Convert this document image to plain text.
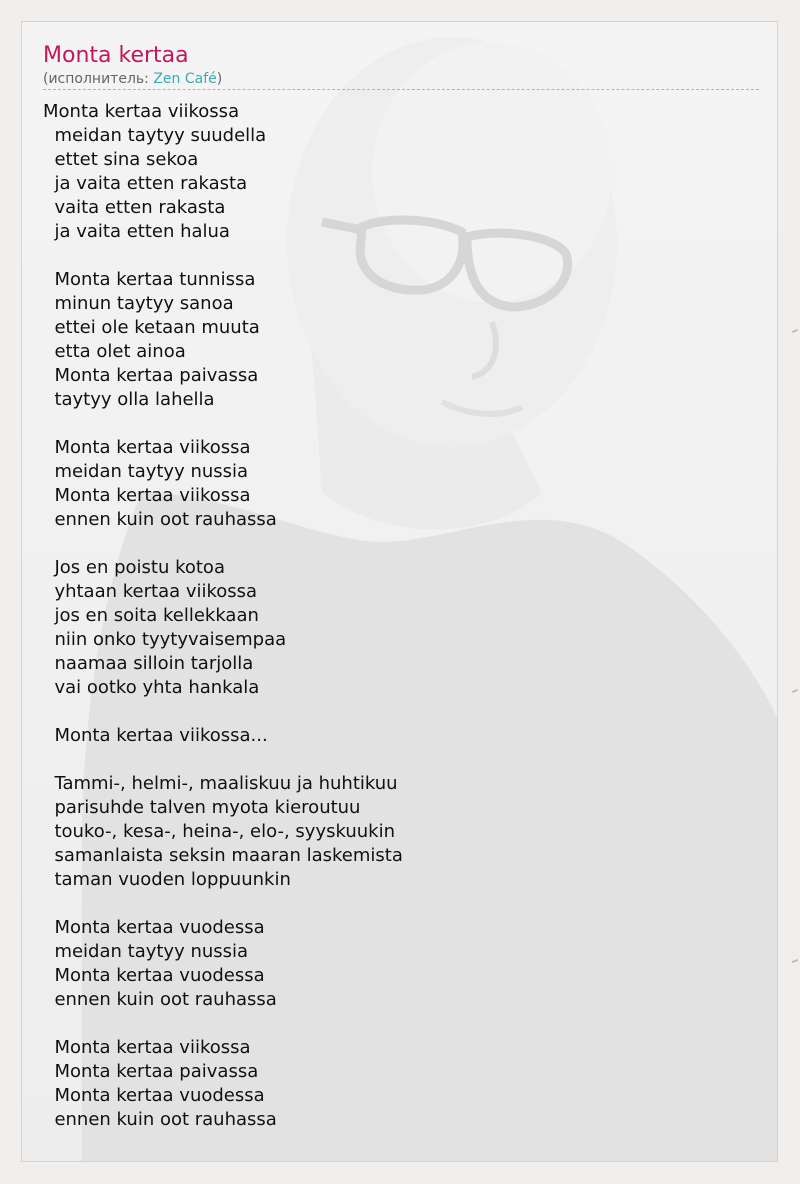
Monta kertaa
(исполнитель: Zen Café)
Monta kertaa viikossa
meidan taytyy suudella
ettet sina sekoa
ja vaita etten rakasta
vaita etten rakasta
ja vaita etten halua

Monta kertaa tunnissa
minun taytyy sanoa
ettei ole ketaan muuta
etta olet ainoa
Monta kertaa paivassa
taytyy olla lahella

Monta kertaa viikossa
meidan taytyy nussia
Monta kertaa viikossa
ennen kuin oot rauhassa

Jos en poistu kotoa
yhtaan kertaa viikossa
jos en soita kellekkaan
niin onko tyytyvaisempaa
naamaa silloin tarjolla
vai ootko yhta hankala

Monta kertaa viikossa...

Tammi-, helmi-, maaliskuu ja huhtikuu
parisuhde talven myota kieroutuu
touko-, kesa-, heina-, elo-, syyskuukin
samanlaista seksin maaran laskemista
taman vuoden loppuunkin

Monta kertaa vuodessa
meidan taytyy nussia
Monta kertaa vuodessa
ennen kuin oot rauhassa

Monta kertaa viikossa
Monta kertaa paivassa
Monta kertaa vuodessa
ennen kuin oot rauhassa
